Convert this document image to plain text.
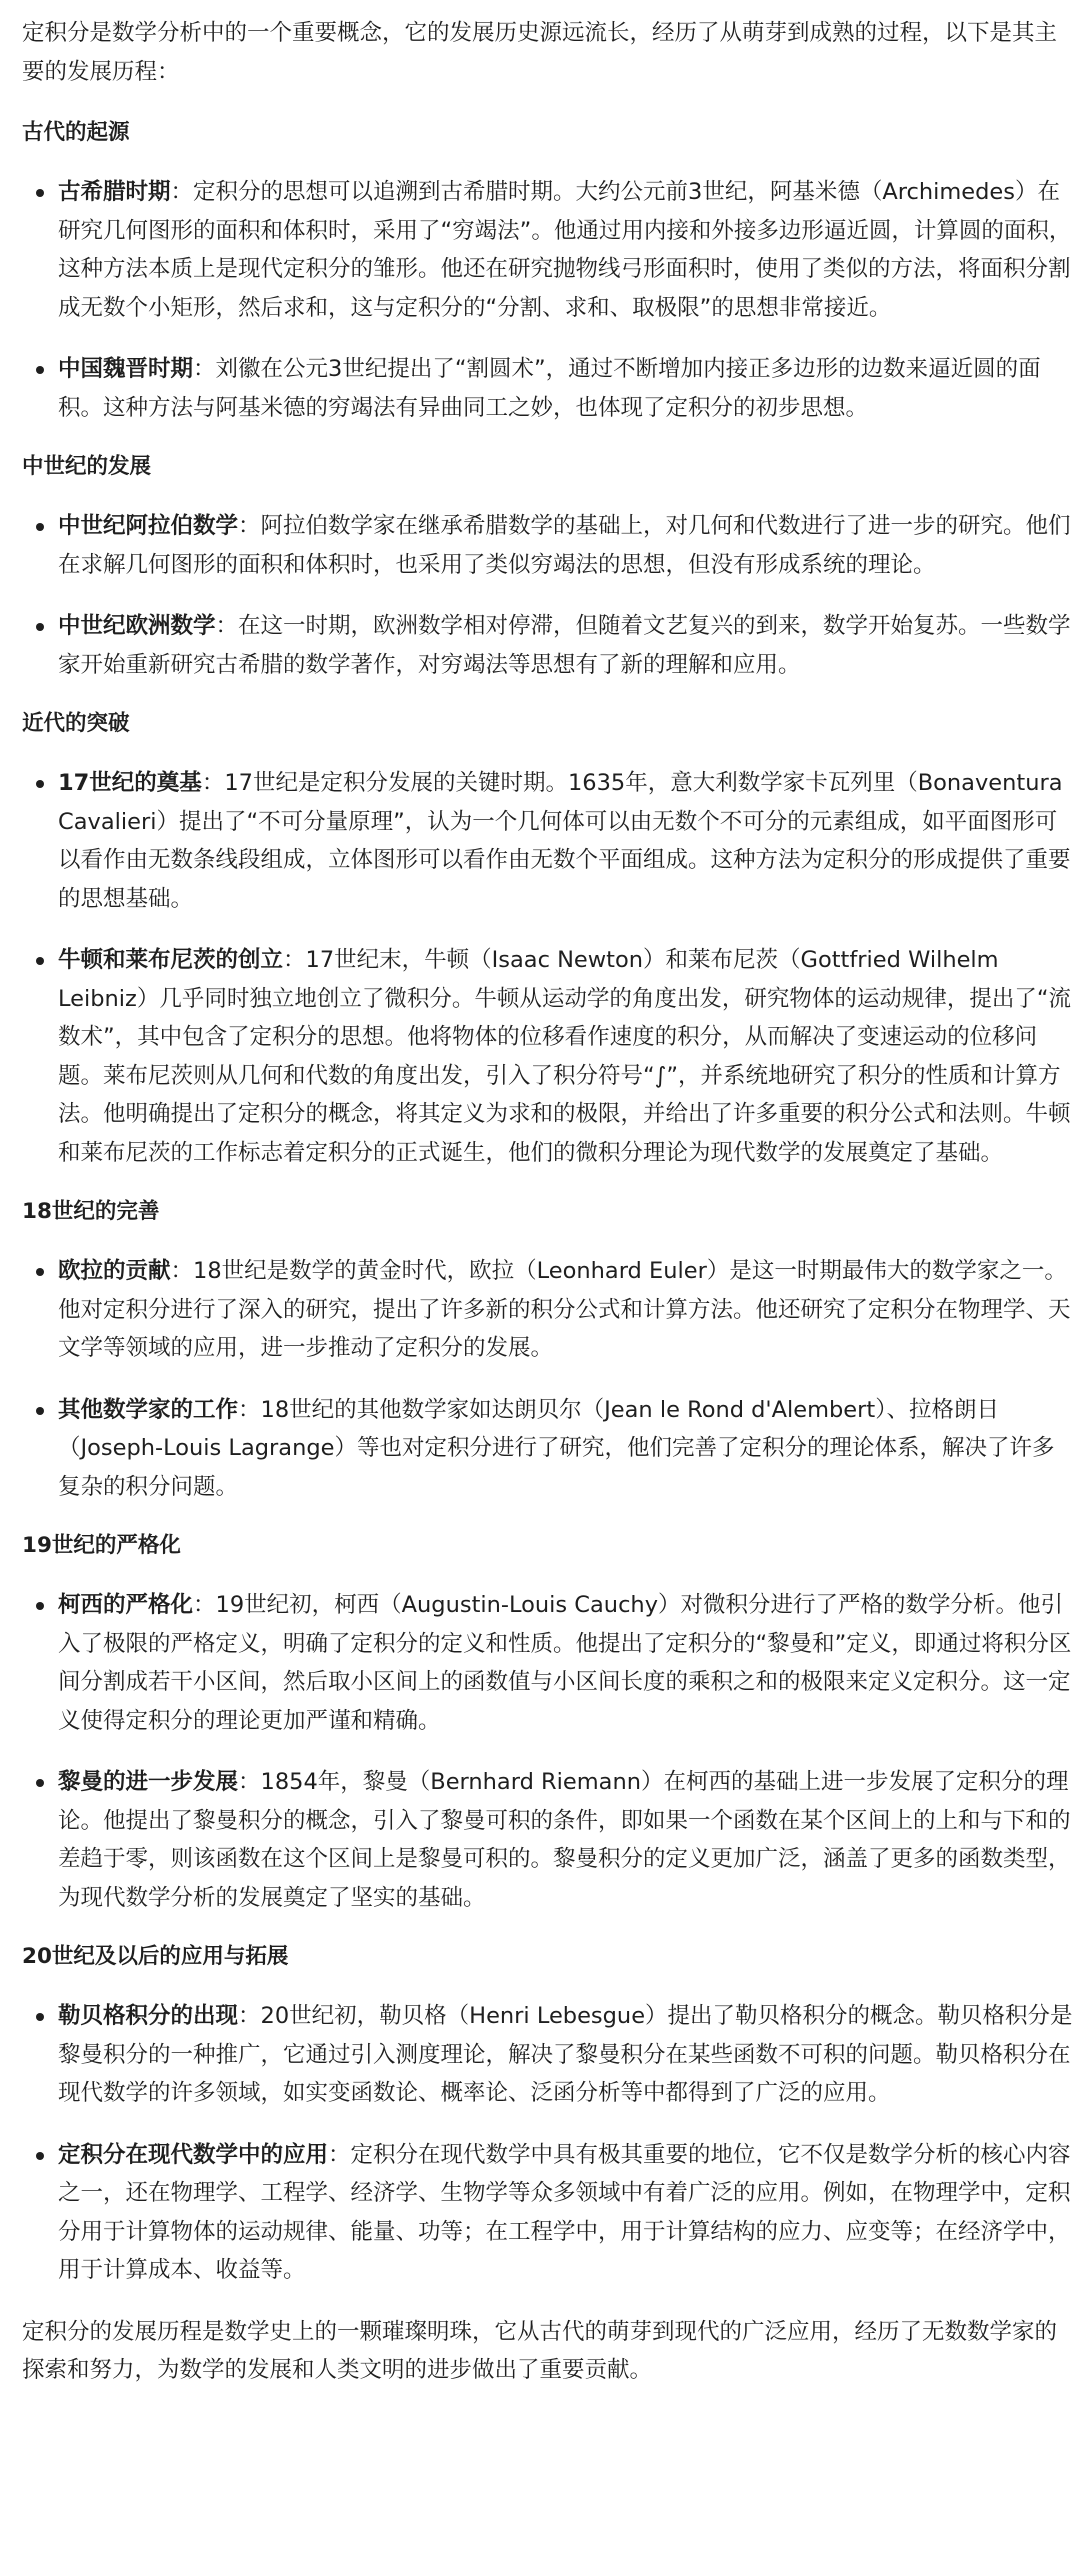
定积分是数学分析中的一个重要概念，它的发展历史源远流长，经历了从萌芽到成熟的过程，以下是其主要的发展历程：

古代的起源
古希腊时期：定积分的思想可以追溯到古希腊时期。大约公元前3世纪，阿基米德（Archimedes）在研究几何图形的面积和体积时，采用了“穷竭法”。他通过用内接和外接多边形逼近圆，计算圆的面积，这种方法本质上是现代定积分的雏形。他还在研究抛物线弓形面积时，使用了类似的方法，将面积分割成无数个小矩形，然后求和，这与定积分的“分割、求和、取极限”的思想非常接近。
中国魏晋时期：刘徽在公元3世纪提出了“割圆术”，通过不断增加内接正多边形的边数来逼近圆的面积。这种方法与阿基米德的穷竭法有异曲同工之妙，也体现了定积分的初步思想。
中世纪的发展
中世纪阿拉伯数学：阿拉伯数学家在继承希腊数学的基础上，对几何和代数进行了进一步的研究。他们在求解几何图形的面积和体积时，也采用了类似穷竭法的思想，但没有形成系统的理论。
中世纪欧洲数学：在这一时期，欧洲数学相对停滞，但随着文艺复兴的到来，数学开始复苏。一些数学家开始重新研究古希腊的数学著作，对穷竭法等思想有了新的理解和应用。
近代的突破
17世纪的奠基：17世纪是定积分发展的关键时期。1635年，意大利数学家卡瓦列里（Bonaventura Cavalieri）提出了“不可分量原理”，认为一个几何体可以由无数个不可分的元素组成，如平面图形可以看作由无数条线段组成，立体图形可以看作由无数个平面组成。这种方法为定积分的形成提供了重要的思想基础。
牛顿和莱布尼茨的创立：17世纪末，牛顿（Isaac Newton）和莱布尼茨（Gottfried Wilhelm Leibniz）几乎同时独立地创立了微积分。牛顿从运动学的角度出发，研究物体的运动规律，提出了“流数术”，其中包含了定积分的思想。他将物体的位移看作速度的积分，从而解决了变速运动的位移问题。莱布尼茨则从几何和代数的角度出发，引入了积分符号“∫”，并系统地研究了积分的性质和计算方法。他明确提出了定积分的概念，将其定义为求和的极限，并给出了许多重要的积分公式和法则。牛顿和莱布尼茨的工作标志着定积分的正式诞生，他们的微积分理论为现代数学的发展奠定了基础。
18世纪的完善
欧拉的贡献：18世纪是数学的黄金时代，欧拉（Leonhard Euler）是这一时期最伟大的数学家之一。他对定积分进行了深入的研究，提出了许多新的积分公式和计算方法。他还研究了定积分在物理学、天文学等领域的应用，进一步推动了定积分的发展。
其他数学家的工作：18世纪的其他数学家如达朗贝尔（Jean le Rond d'Alembert）、拉格朗日（Joseph-Louis Lagrange）等也对定积分进行了研究，他们完善了定积分的理论体系，解决了许多复杂的积分问题。
19世纪的严格化
柯西的严格化：19世纪初，柯西（Augustin-Louis Cauchy）对微积分进行了严格的数学分析。他引入了极限的严格定义，明确了定积分的定义和性质。他提出了定积分的“黎曼和”定义，即通过将积分区间分割成若干小区间，然后取小区间上的函数值与小区间长度的乘积之和的极限来定义定积分。这一定义使得定积分的理论更加严谨和精确。
黎曼的进一步发展：1854年，黎曼（Bernhard Riemann）在柯西的基础上进一步发展了定积分的理论。他提出了黎曼积分的概念，引入了黎曼可积的条件，即如果一个函数在某个区间上的上和与下和的差趋于零，则该函数在这个区间上是黎曼可积的。黎曼积分的定义更加广泛，涵盖了更多的函数类型，为现代数学分析的发展奠定了坚实的基础。
20世纪及以后的应用与拓展
勒贝格积分的出现：20世纪初，勒贝格（Henri Lebesgue）提出了勒贝格积分的概念。勒贝格积分是黎曼积分的一种推广，它通过引入测度理论，解决了黎曼积分在某些函数不可积的问题。勒贝格积分在现代数学的许多领域，如实变函数论、概率论、泛函分析等中都得到了广泛的应用。
定积分在现代数学中的应用：定积分在现代数学中具有极其重要的地位，它不仅是数学分析的核心内容之一，还在物理学、工程学、经济学、生物学等众多领域中有着广泛的应用。例如，在物理学中，定积分用于计算物体的运动规律、能量、功等；在工程学中，用于计算结构的应力、应变等；在经济学中，用于计算成本、收益等。

定积分的发展历程是数学史上的一颗璀璨明珠，它从古代的萌芽到现代的广泛应用，经历了无数数学家的探索和努力，为数学的发展和人类文明的进步做出了重要贡献。
